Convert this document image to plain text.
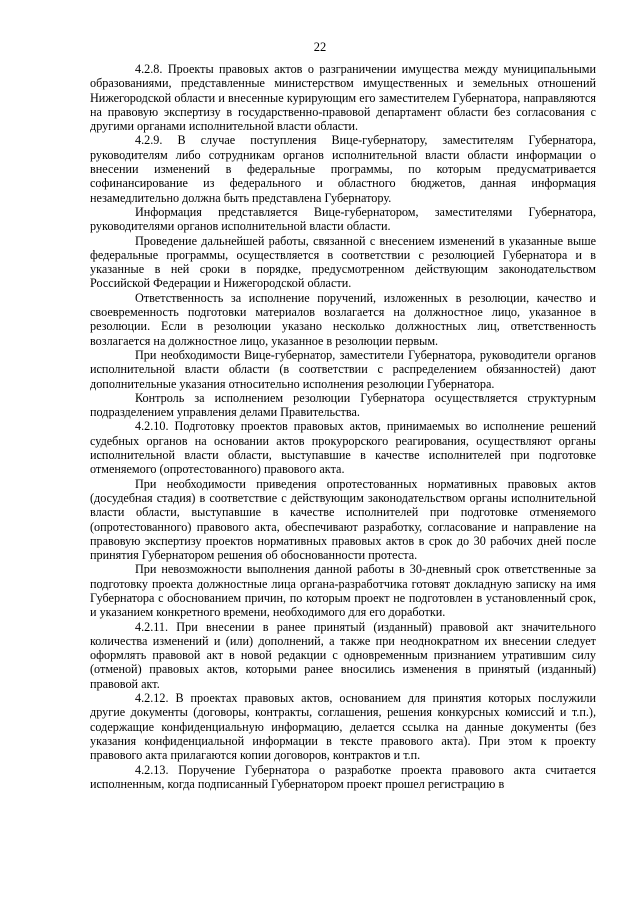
22

4.2.8. Проекты правовых актов о разграничении имущества между муниципальными образованиями, представленные министерством имущественных и земельных отношений Нижегородской области и внесенные курирующим его заместителем Губернатора, направляются на правовую экспертизу в государственно-правовой департамент области без согласования с другими органами исполнительной власти области.

4.2.9. В случае поступления Вице-губернатору, заместителям Губернатора, руководителям либо сотрудникам органов исполнительной власти области информации о внесении изменений в федеральные программы, по которым предусматривается софинансирование из федерального и областного бюджетов, данная информация незамедлительно должна быть представлена Губернатору.

Информация представляется Вице-губернатором, заместителями Губернатора, руководителями органов исполнительной власти области.

Проведение дальнейшей работы, связанной с внесением изменений в указанные выше федеральные программы, осуществляется в соответствии с резолюцией Губернатора и в указанные в ней сроки в порядке, предусмотренном действующим законодательством Российской Федерации и Нижегородской области.

Ответственность за исполнение поручений, изложенных в резолюции, качество и своевременность подготовки материалов возлагается на должностное лицо, указанное в резолюции. Если в резолюции указано несколько должностных лиц, ответственность возлагается на должностное лицо, указанное в резолюции первым.

При необходимости Вице-губернатор, заместители Губернатора, руководители органов исполнительной власти области (в соответствии с распределением обязанностей) дают дополнительные указания относительно исполнения резолюции Губернатора.

Контроль за исполнением резолюции Губернатора осуществляется структурным подразделением управления делами Правительства.

4.2.10. Подготовку проектов правовых актов, принимаемых во исполнение решений судебных органов на основании актов прокурорского реагирования, осуществляют органы исполнительной власти области, выступавшие в качестве исполнителей при подготовке отменяемого (опротестованного) правового акта.

При необходимости приведения опротестованных нормативных правовых актов (досудебная стадия) в соответствие с действующим законодательством органы исполнительной власти области, выступавшие в качестве исполнителей при подготовке отменяемого (опротестованного) правового акта, обеспечивают разработку, согласование и направление на правовую экспертизу проектов нормативных правовых актов в срок до 30 рабочих дней после принятия Губернатором решения об обоснованности протеста.

При невозможности выполнения данной работы в 30-дневный срок ответственные за подготовку проекта должностные лица органа-разработчика готовят докладную записку на имя Губернатора с обоснованием причин, по которым проект не подготовлен в установленный срок, и указанием конкретного времени, необходимого для его доработки.

4.2.11. При внесении в ранее принятый (изданный) правовой акт значительного количества изменений и (или) дополнений, а также при неоднократном их внесении следует оформлять правовой акт в новой редакции с одновременным признанием утратившим силу (отменой) правовых актов, которыми ранее вносились изменения в принятый (изданный) правовой акт.

4.2.12. В проектах правовых актов, основанием для принятия которых послужили другие документы (договоры, контракты, соглашения, решения конкурсных комиссий и т.п.), содержащие конфиденциальную информацию, делается ссылка на данные документы (без указания конфиденциальной информации в тексте правового акта). При этом к проекту правового акта прилагаются копии договоров, контрактов и т.п.

4.2.13. Поручение Губернатора о разработке проекта правового акта считается исполненным, когда подписанный Губернатором проект прошел регистрацию в
